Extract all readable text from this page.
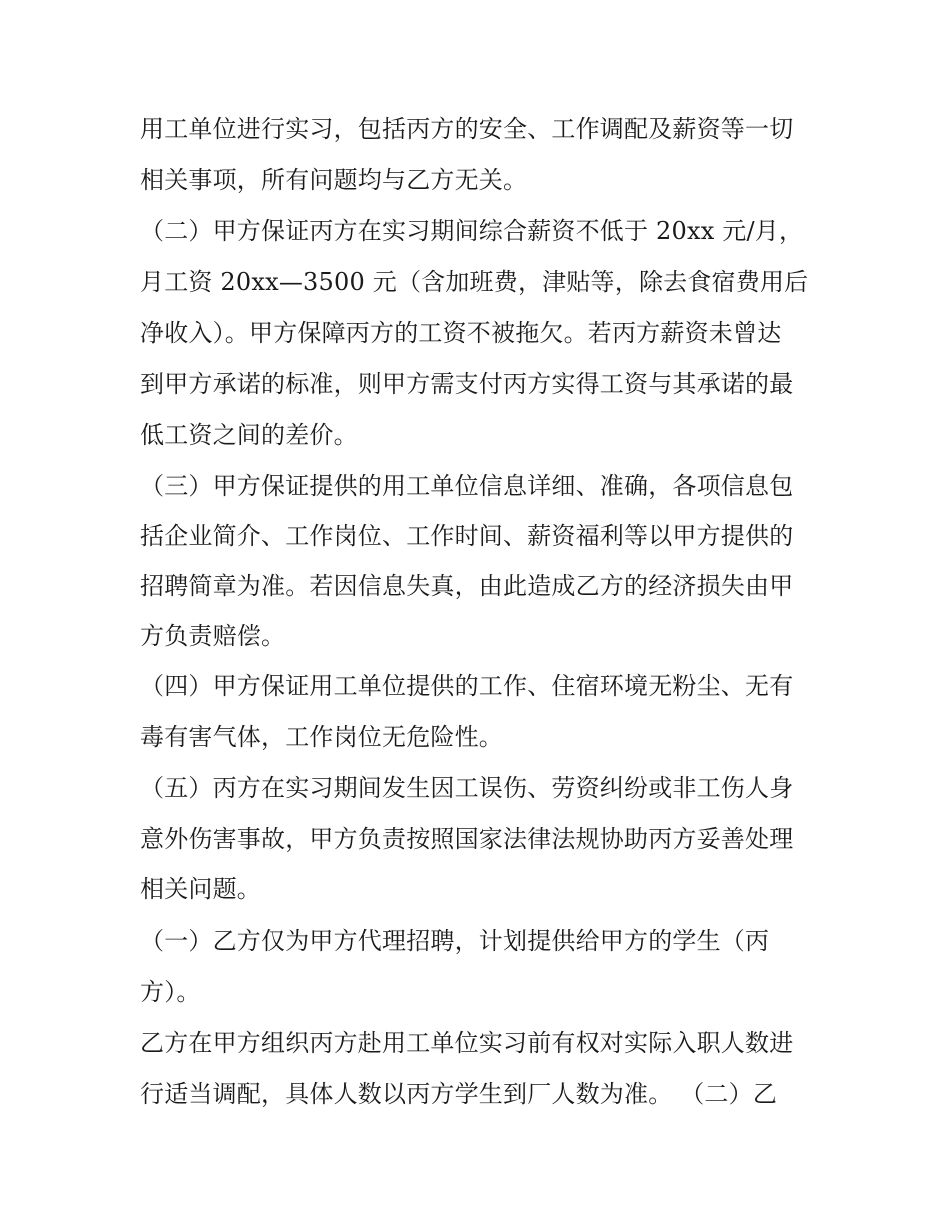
用工单位进行实习，包括丙方的安全、工作调配及薪资等一切
相关事项，所有问题均与乙方无关。
（二）甲方保证丙方在实习期间综合薪资不低于 20xx 元/月，
月工资 20xx—3500 元（含加班费，津贴等，除去食宿费用后
净收入）。甲方保障丙方的工资不被拖欠。若丙方薪资未曾达
到甲方承诺的标准，则甲方需支付丙方实得工资与其承诺的最
低工资之间的差价。
（三）甲方保证提供的用工单位信息详细、准确，各项信息包
括企业简介、工作岗位、工作时间、薪资福利等以甲方提供的
招聘简章为准。若因信息失真，由此造成乙方的经济损失由甲
方负责赔偿。
（四）甲方保证用工单位提供的工作、住宿环境无粉尘、无有
毒有害气体，工作岗位无危险性。
（五）丙方在实习期间发生因工误伤、劳资纠纷或非工伤人身
意外伤害事故，甲方负责按照国家法律法规协助丙方妥善处理
相关问题。
（一）乙方仅为甲方代理招聘，计划提供给甲方的学生（丙
方）。
乙方在甲方组织丙方赴用工单位实习前有权对实际入职人数进
行适当调配，具体人数以丙方学生到厂人数为准。 （二）乙
